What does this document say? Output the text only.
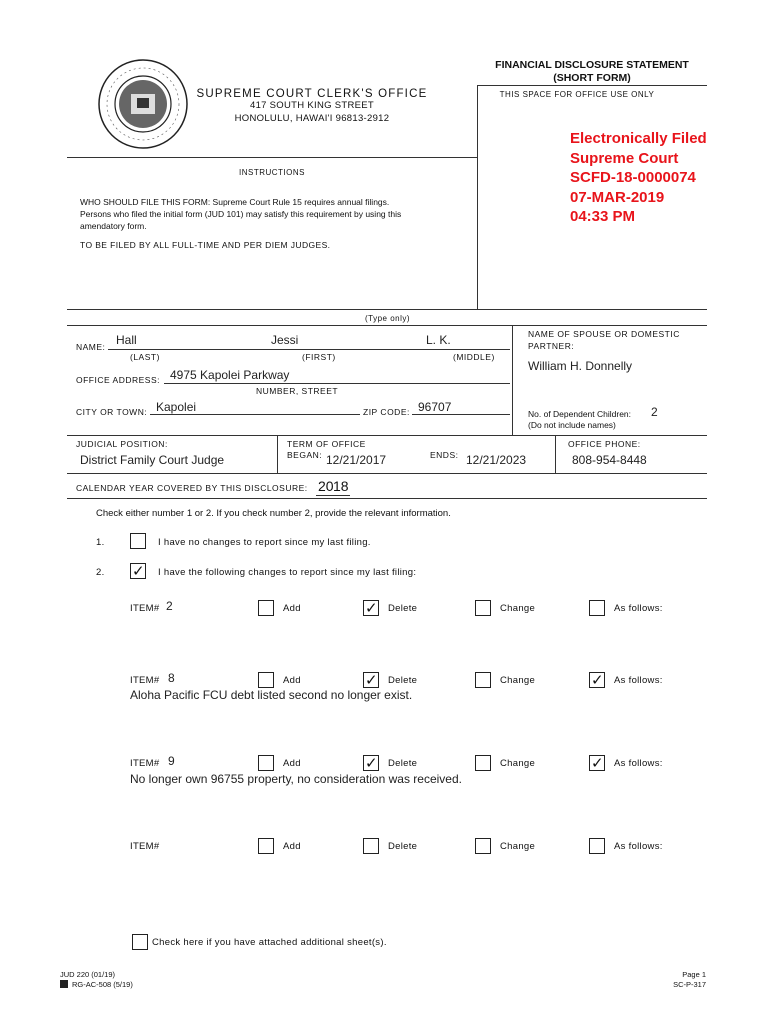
SUPREME COURT CLERK'S OFFICE
417 SOUTH KING STREET
HONOLULU, HAWAI'I 96813-2912
FINANCIAL DISCLOSURE STATEMENT
(SHORT FORM)
THIS SPACE FOR OFFICE USE ONLY
Electronically Filed
Supreme Court
SCFD-18-0000074
07-MAR-2019
04:33 PM
INSTRUCTIONS
WHO SHOULD FILE THIS FORM: Supreme Court Rule 15 requires annual filings.
Persons who filed the initial form (JUD 101) may satisfy this requirement by using this
amendatory form.
TO BE FILED BY ALL FULL-TIME AND PER DIEM JUDGES.
(Type only)
NAME: Hall	Jessi	L. K.
(LAST)	(FIRST)	(MIDDLE)
OFFICE ADDRESS: 4975 Kapolei Parkway
NUMBER, STREET
CITY OR TOWN: Kapolei	ZIP CODE: 96707
NAME OF SPOUSE OR DOMESTIC
PARTNER:
William H. Donnelly
No. of Dependent Children: 2
(Do not include names)
JUDICIAL POSITION:
District Family Court Judge
TERM OF OFFICE
BEGAN: 12/21/2017	ENDS: 12/21/2023
OFFICE PHONE:
808-954-8448
CALENDAR YEAR COVERED BY THIS DISCLOSURE: 20 18
Check either number 1 or 2. If you check number 2, provide the relevant information.
1.	I have no changes to report since my last filing.
2. ✓ I have the following changes to report since my last filing:
ITEM# 2	Add	✓ Delete	Change	As follows:
ITEM# 8	Add	✓ Delete	Change	✓ As follows:
Aloha Pacific FCU debt listed second no longer exist.
ITEM# 9	Add	✓ Delete	Change	✓ As follows:
No longer own 96755 property, no consideration was received.
ITEM#	Add	Delete	Change	As follows:
Check here if you have attached additional sheet(s).
JUD 220 (01/19)
RG-AC-508 (5/19)
Page 1
SC-P-317
